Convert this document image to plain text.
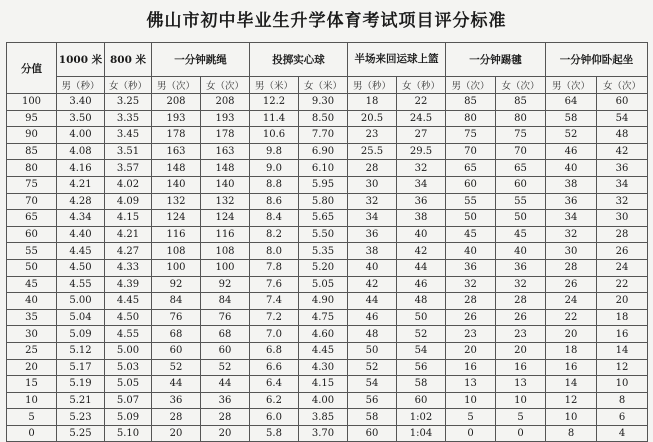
佛山市初中毕业生升学体育考试项目评分标准
分值	1000 米	800 米	一分钟跳绳		投掷实心球		半场来回运球上篮		一分钟踢毽		一分钟仰卧起坐	
	男（秒）	女（秒）	男（次）	女（次）	男（米）	女（米）	男（秒）	女（秒）	男（次）	女（次）	男（次）	女（次）
100	3.40	3.25	208	208	12.2	9.30	18	22	85	85	64	60
95	3.50	3.35	193	193	11.4	8.50	20.5	24.5	80	80	58	54
90	4.00	3.45	178	178	10.6	7.70	23	27	75	75	52	48
85	4.08	3.51	163	163	9.8	6.90	25.5	29.5	70	70	46	42
80	4.16	3.57	148	148	9.0	6.10	28	32	65	65	40	36
75	4.21	4.02	140	140	8.8	5.95	30	34	60	60	38	34
70	4.28	4.09	132	132	8.6	5.80	32	36	55	55	36	32
65	4.34	4.15	124	124	8.4	5.65	34	38	50	50	34	30
60	4.40	4.21	116	116	8.2	5.50	36	40	45	45	32	28
55	4.45	4.27	108	108	8.0	5.35	38	42	40	40	30	26
50	4.50	4.33	100	100	7.8	5.20	40	44	36	36	28	24
45	4.55	4.39	92	92	7.6	5.05	42	46	32	32	26	22
40	5.00	4.45	84	84	7.4	4.90	44	48	28	28	24	20
35	5.04	4.50	76	76	7.2	4.75	46	50	26	26	22	18
30	5.09	4.55	68	68	7.0	4.60	48	52	23	23	20	16
25	5.12	5.00	60	60	6.8	4.45	50	54	20	20	18	14
20	5.17	5.03	52	52	6.6	4.30	52	56	16	16	16	12
15	5.19	5.05	44	44	6.4	4.15	54	58	13	13	14	10
10	5.21	5.07	36	36	6.2	4.00	56	60	10	10	12	8
5	5.23	5.09	28	28	6.0	3.85	58	1:02	5	5	10	6
0	5.25	5.10	20	20	5.8	3.70	60	1:04	0	0	8	4
